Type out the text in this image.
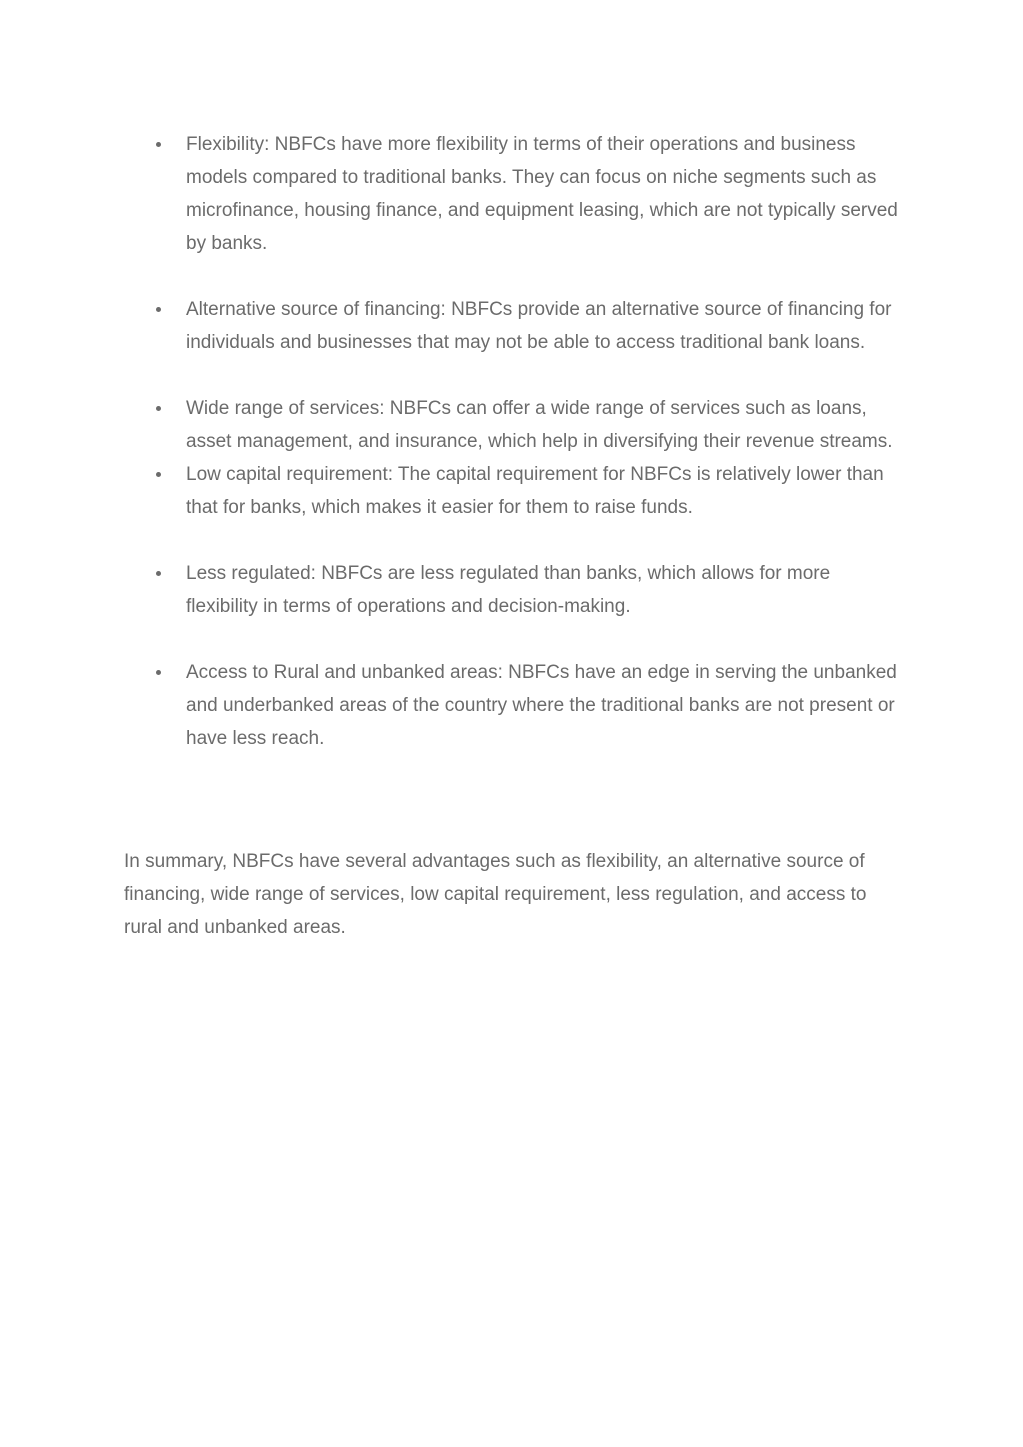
Flexibility: NBFCs have more flexibility in terms of their operations and business models compared to traditional banks. They can focus on niche segments such as microfinance, housing finance, and equipment leasing, which are not typically served by banks.
Alternative source of financing: NBFCs provide an alternative source of financing for individuals and businesses that may not be able to access traditional bank loans.
Wide range of services: NBFCs can offer a wide range of services such as loans, asset management, and insurance, which help in diversifying their revenue streams.
Low capital requirement: The capital requirement for NBFCs is relatively lower than that for banks, which makes it easier for them to raise funds.
Less regulated: NBFCs are less regulated than banks, which allows for more flexibility in terms of operations and decision-making.
Access to Rural and unbanked areas: NBFCs have an edge in serving the unbanked and underbanked areas of the country where the traditional banks are not present or have less reach.

In summary, NBFCs have several advantages such as flexibility, an alternative source of financing, wide range of services, low capital requirement, less regulation, and access to rural and unbanked areas.
